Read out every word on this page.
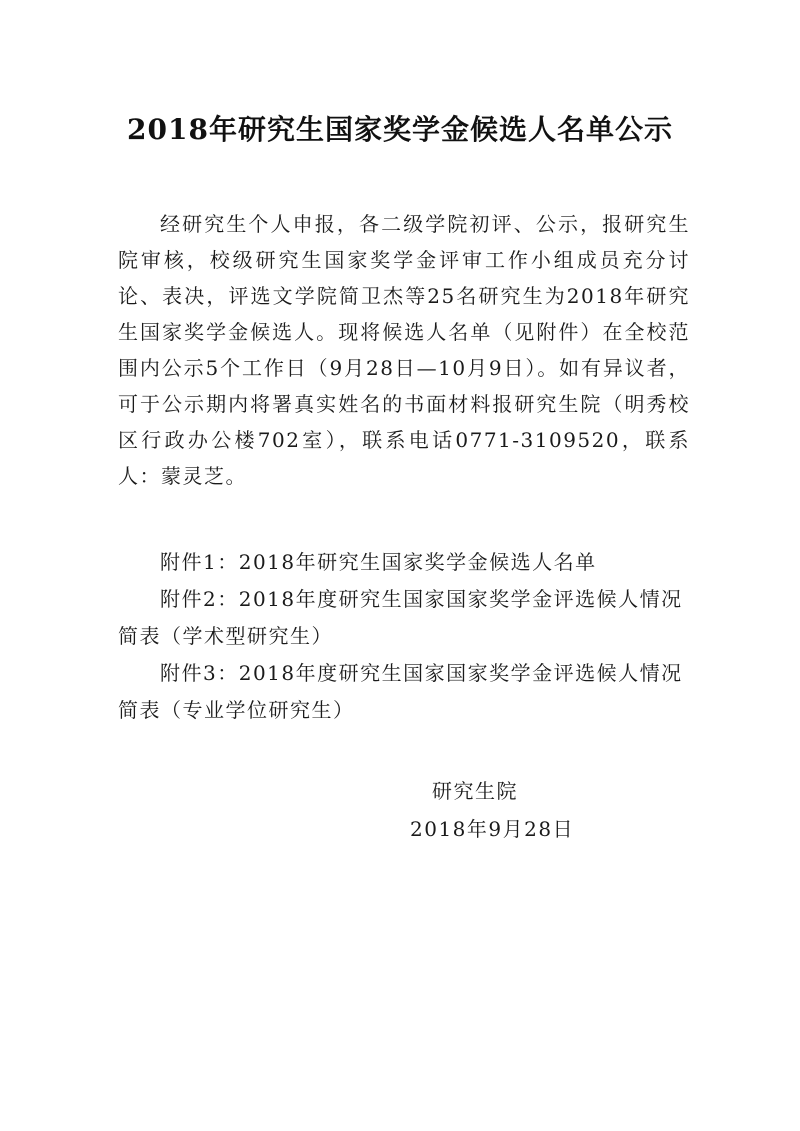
2018年研究生国家奖学金候选人名单公示

经研究生个人申报，各二级学院初评、公示，报研究生院审核，校级研究生国家奖学金评审工作小组成员充分讨论、表决，评选文学院简卫杰等25名研究生为2018年研究生国家奖学金候选人。现将候选人名单（见附件）在全校范围内公示5个工作日（9月28日—10月9日）。如有异议者，可于公示期内将署真实姓名的书面材料报研究生院（明秀校区行政办公楼702室），联系电话0771-3109520，联系人：蒙灵芝。

附件1：2018年研究生国家奖学金候选人名单

附件2：2018年度研究生国家国家奖学金评选候人情况简表（学术型研究生）

附件3：2018年度研究生国家国家奖学金评选候人情况简表（专业学位研究生）

研究生院

2018年9月28日
